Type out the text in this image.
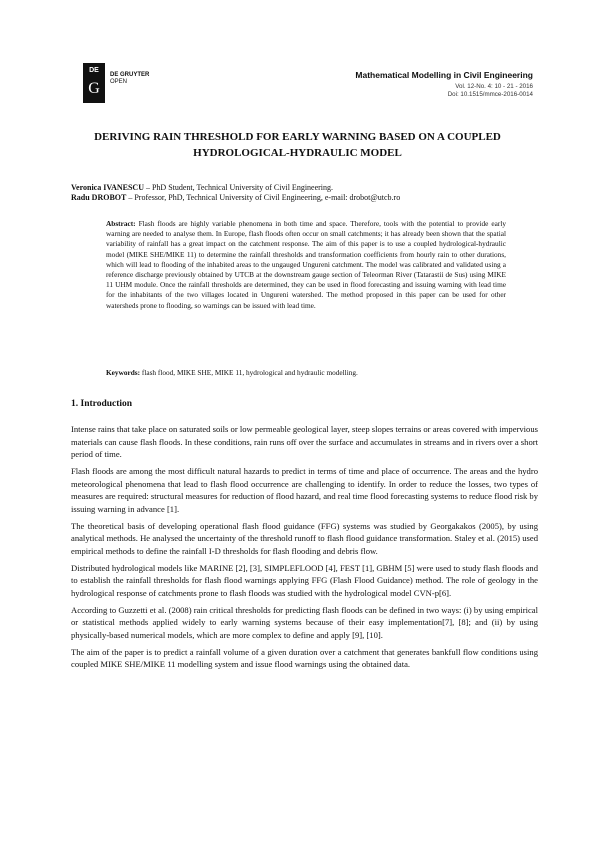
DE
G
DE GRUYTER
OPEN
Mathematical Modelling in Civil Engineering
Vol. 12-No. 4: 10 - 21 - 2016
Doi: 10.1515/mmce-2016-0014
DERIVING RAIN THRESHOLD FOR EARLY WARNING BASED ON A COUPLED HYDROLOGICAL-HYDRAULIC MODEL
Veronica IVANESCU – PhD Student, Technical University of Civil Engineering.
Radu DROBOT – Professor, PhD, Technical University of Civil Engineering, e-mail: drobot@utcb.ro
Abstract: Flash floods are highly variable phenomena in both time and space. Therefore, tools with the potential to provide early warning are needed to analyse them. In Europe, flash floods often occur on small catchments; it has already been shown that the spatial variability of rainfall has a great impact on the catchment response. The aim of this paper is to use a coupled hydrological-hydraulic model (MIKE SHE/MIKE 11) to determine the rainfall thresholds and transformation coefficients from hourly rain to other durations, which will lead to flooding of the inhabited areas to the ungauged Ungureni catchment. The model was calibrated and validated using a reference discharge previously obtained by UTCB at the downstream gauge section of Teleorman River (Tatarastii de Sus) using MIKE 11 UHM module. Once the rainfall thresholds are determined, they can be used in flood forecasting and issuing warning with lead time for the inhabitants of the two villages located in Ungureni watershed. The method proposed in this paper can be used for other watersheds prone to flooding, so warnings can be issued with lead time.
Keywords: flash flood, MIKE SHE, MIKE 11, hydrological and hydraulic modelling.
1. Introduction

Intense rains that take place on saturated soils or low permeable geological layer, steep slopes terrains or areas covered with impervious materials can cause flash floods. In these conditions, rain runs off over the surface and accumulates in streams and in rivers over a short period of time.

Flash floods are among the most difficult natural hazards to predict in terms of time and place of occurrence. The areas and the hydro meteorological phenomena that lead to flash flood occurrence are challenging to identify. In order to reduce the losses, two types of measures are required: structural measures for reduction of flood hazard, and real time flood forecasting systems to reduce flood risk by issuing warning in advance [1].

The theoretical basis of developing operational flash flood guidance (FFG) systems was studied by Georgakakos (2005), by using analytical methods. He analysed the uncertainty of the threshold runoff to flash flood guidance transformation. Staley et al. (2015) used empirical methods to define the rainfall I-D thresholds for flash flooding and debris flow.

Distributed hydrological models like MARINE [2], [3], SIMPLEFLOOD [4], FEST [1], GBHM [5] were used to study flash floods and to establish the rainfall thresholds for flash flood warnings applying FFG (Flash Flood Guidance) method. The role of geology in the hydrological response of catchments prone to flash floods was studied with the hydrological model CVN-p[6].

According to Guzzetti et al. (2008) rain critical thresholds for predicting flash floods can be defined in two ways: (i) by using empirical or statistical methods applied widely to early warning systems because of their easy implementation[7], [8]; and (ii) by using physically-based numerical models, which are more complex to define and apply [9], [10].

The aim of the paper is to predict a rainfall volume of a given duration over a catchment that generates bankfull flow conditions using coupled MIKE SHE/MIKE 11 modelling system and issue flood warnings using the obtained data.
